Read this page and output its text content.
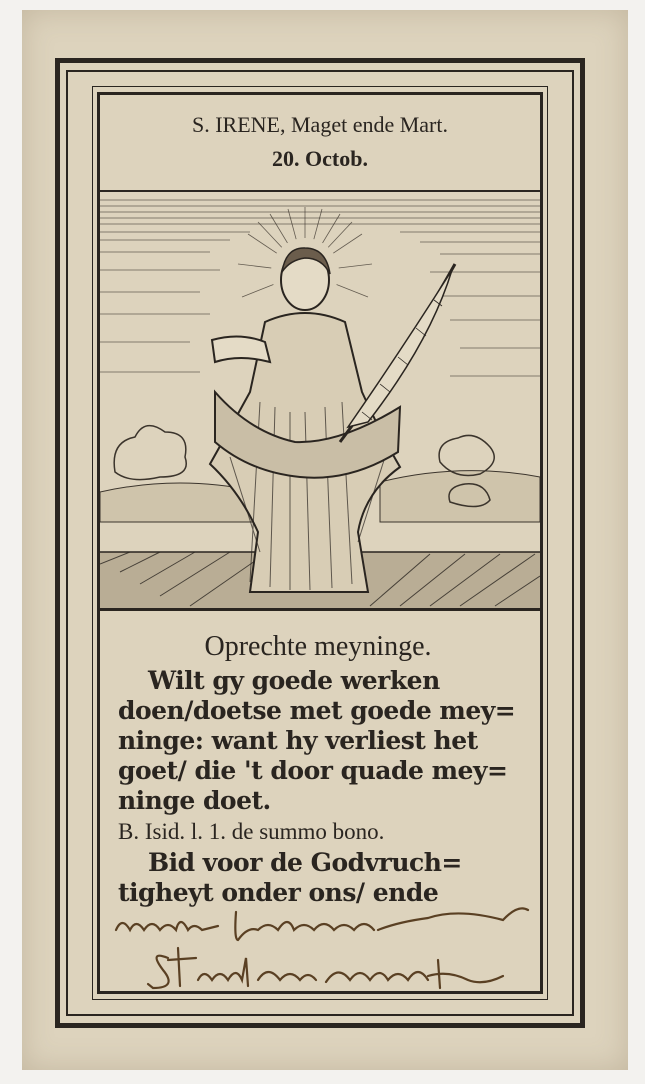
S. IRENE, Maget ende Mart.
20. Octob.
Oprechte meyninge.
Wilt gy goede werken
doen/doetse met goede mey=
ninge: want hy verliest het
goet/ die 't door quade mey=
ninge doet.
B. Isid. l. 1. de summo bono.
Bid voor de Godvruch=
tigheyt onder ons/ ende
